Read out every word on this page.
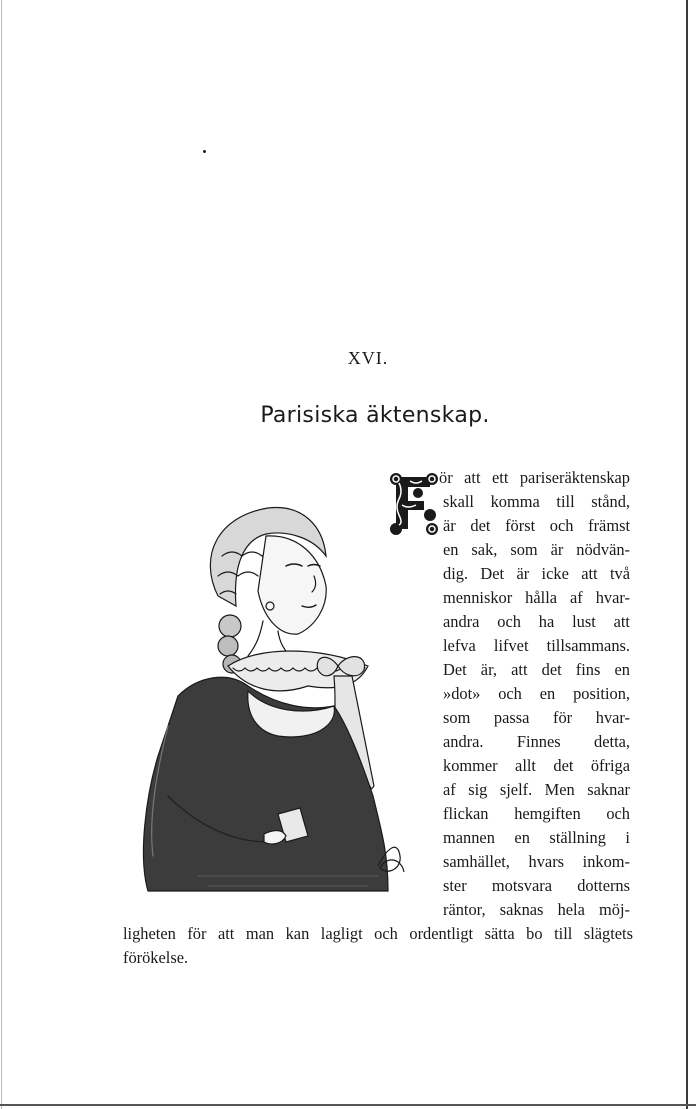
XVI.
Parisiska äktenskap.
ör att ett pariseräktenskap
skall komma till stånd,
är det först och främst
en sak, som är nödvän-
dig. Det är icke att två
menniskor hålla af hvar-
andra och ha lust att
lefva lifvet tillsammans.
Det är, att det fins en
»dot» och en position,
som passa för hvar-
andra. Finnes detta,
kommer allt det öfriga
af sig sjelf. Men saknar
flickan hemgiften och
mannen en ställning i
samhället, hvars inkom-
ster motsvara dotterns
räntor, saknas hela möj-
ligheten för att man kan lagligt och ordentligt sätta bo till slägtets
förökelse.
